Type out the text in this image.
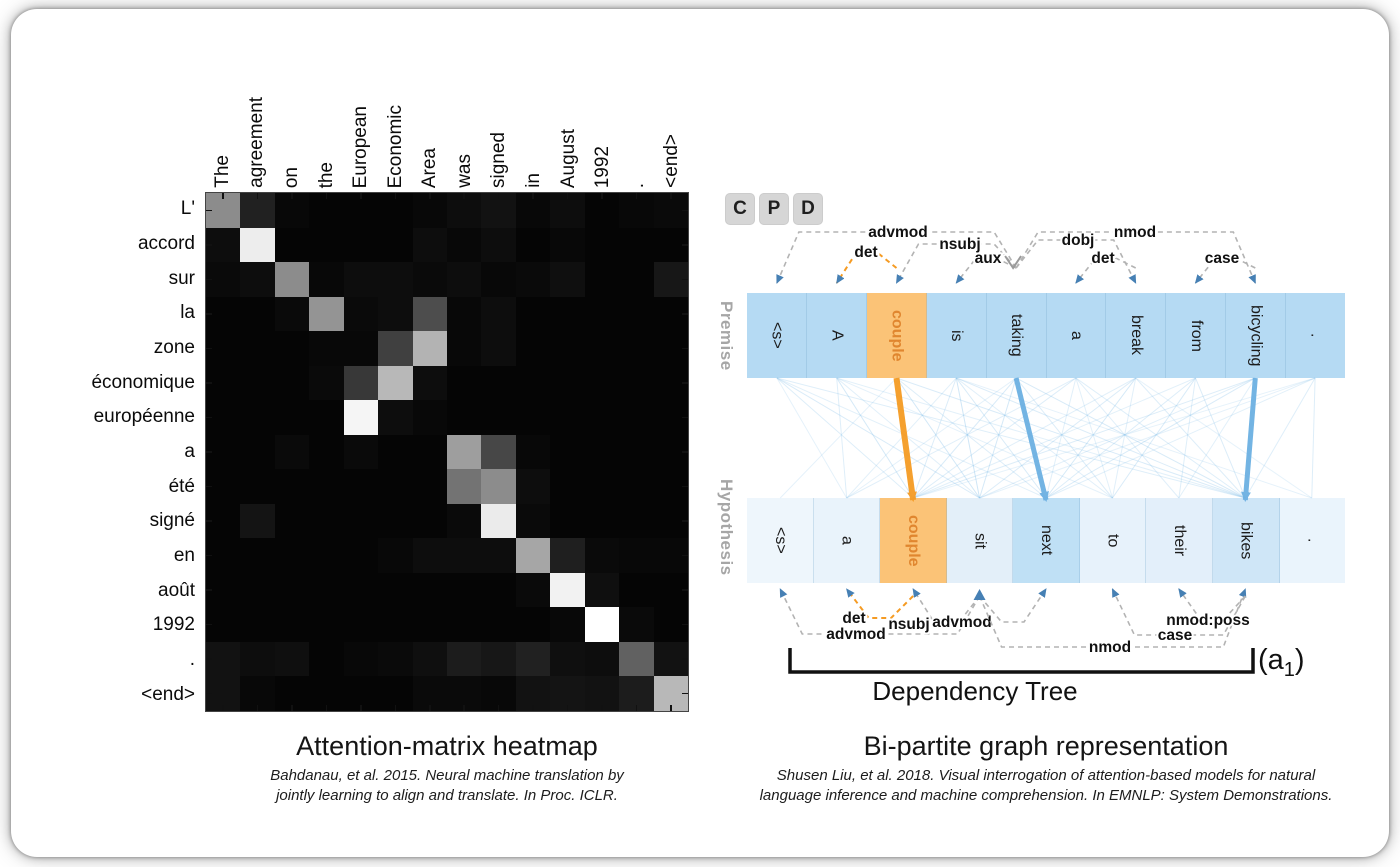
The agreement on the European Economic Area was signed in August 1992 . <end>
L'
accord
sur
la
zone
économique
européenne
a
été
signé
en
août
1992
.
<end>
Attention-matrix heatmap
Bahdanau, et al. 2015. Neural machine translation by
jointly learning to align and translate. In Proc. ICLR.
C	P	D
Premise
Hypothesis
<s>	A	couple	is	taking	a	break	from	bicycling	.
<s>	a	couple	sit	next	to	their	bikes	.
advmod
det	nsubj
aux
dobj
det
nmod
case
advmod
det nsubj advmod
nmod
case
nmod:poss
Dependency Tree
$(a_1)$
Bi-partite graph representation
Shusen Liu, et al. 2018. Visual interrogation of attention-based models for natural
language inference and machine comprehension. In EMNLP: System Demonstrations.
